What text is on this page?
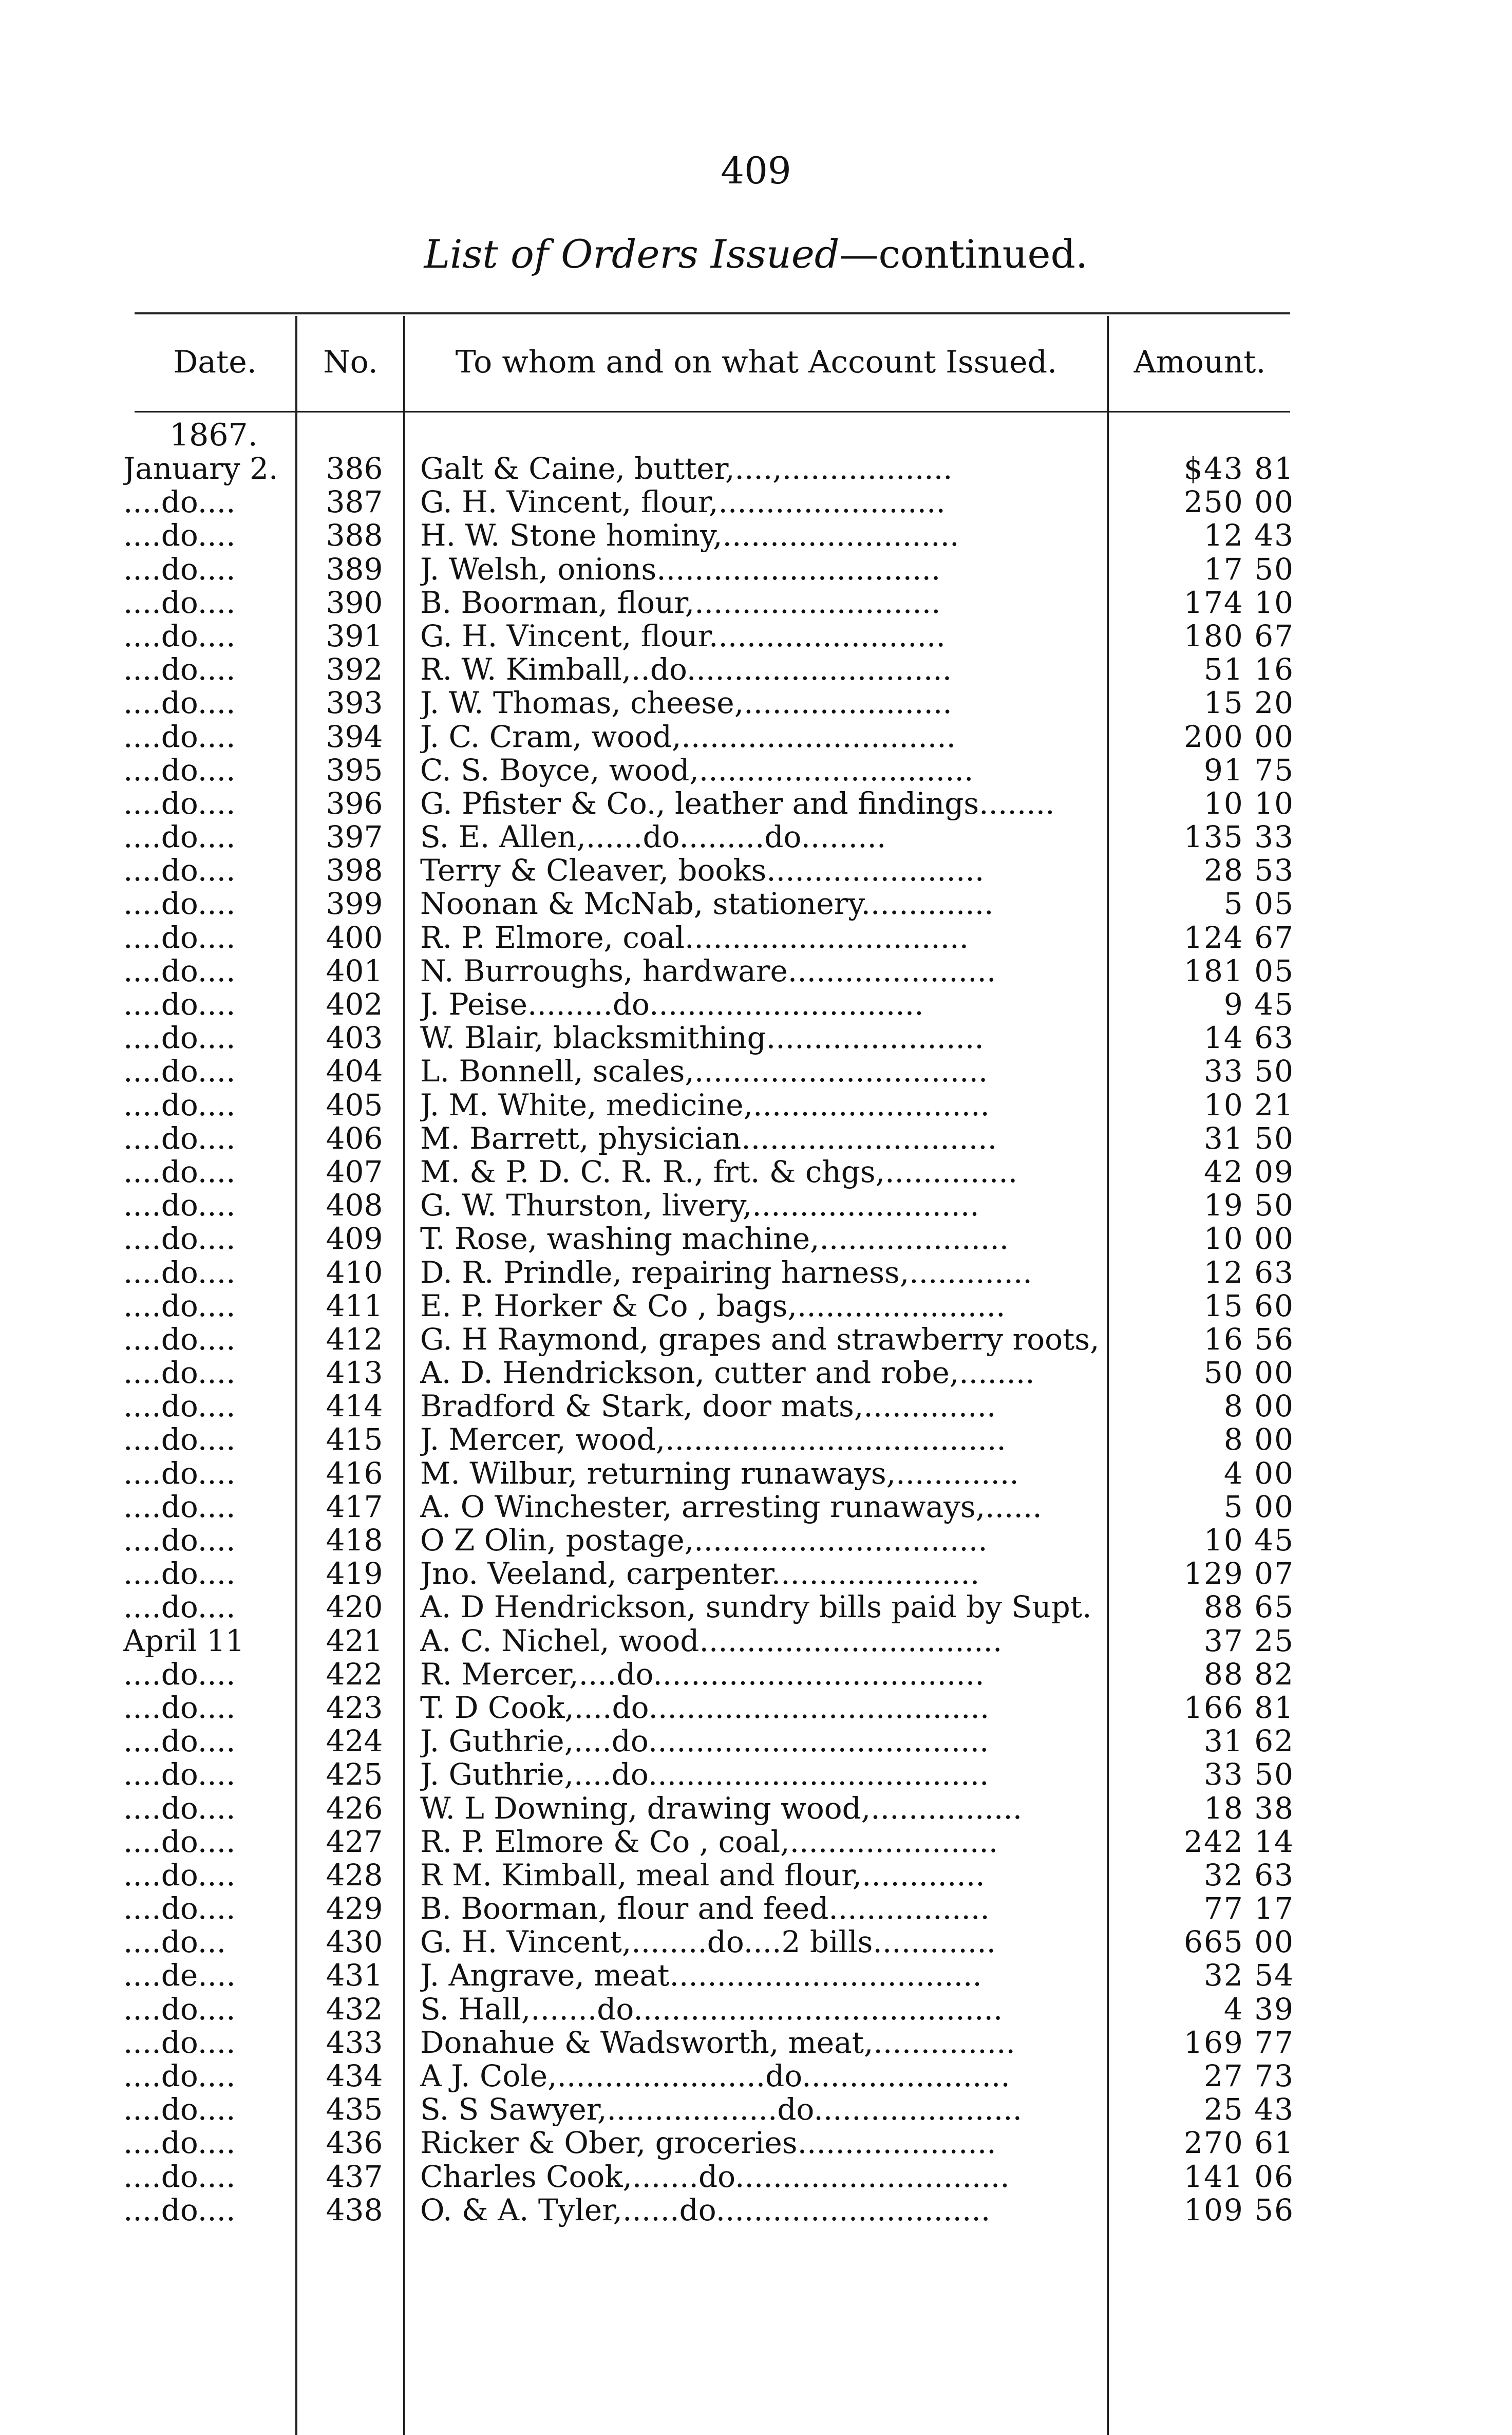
409
List of Orders Issued—continued.
Date.	No.	To whom and on what Account Issued.	Amount.
1867.
January 2.	386	Galt & Caine, butter,....,..................	$43 81
....do....	387	G. H. Vincent, flour,........................	250 00
....do....	388	H. W. Stone hominy,.........................	12 43
....do....	389	J. Welsh, onions..............................	17 50
....do....	390	B. Boorman, flour,..........................	174 10
....do....	391	G. H. Vincent, flour.........................	180 67
....do....	392	R. W. Kimball,..do............................	51 16
....do....	393	J. W. Thomas, cheese,......................	15 20
....do....	394	J. C. Cram, wood,.............................	200 00
....do....	395	C. S. Boyce, wood,.............................	91 75
....do....	396	G. Pfister & Co., leather and findings........	10 10
....do....	397	S. E. Allen,......do.........do.........	135 33
....do....	398	Terry & Cleaver, books.......................	28 53
....do....	399	Noonan & McNab, stationery..............	5 05
....do....	400	R. P. Elmore, coal..............................	124 67
....do....	401	N. Burroughs, hardware......................	181 05
....do....	402	J. Peise.........do.............................	9 45
....do....	403	W. Blair, blacksmithing.......................	14 63
....do....	404	L. Bonnell, scales,...............................	33 50
....do....	405	J. M. White, medicine,.........................	10 21
....do....	406	M. Barrett, physician...........................	31 50
....do....	407	M. & P. D. C. R. R., frt. & chgs,..............	42 09
....do....	408	G. W. Thurston, livery,........................	19 50
....do....	409	T. Rose, washing machine,....................	10 00
....do....	410	D. R. Prindle, repairing harness,.............	12 63
....do....	411	E. P. Horker & Co , bags,......................	15 60
....do....	412	G. H Raymond, grapes and strawberry roots,	16 56
....do....	413	A. D. Hendrickson, cutter and robe,........	50 00
....do....	414	Bradford & Stark, door mats,..............	8 00
....do....	415	J. Mercer, wood,....................................	8 00
....do....	416	M. Wilbur, returning runaways,.............	4 00
....do....	417	A. O Winchester, arresting runaways,......	5 00
....do....	418	O Z Olin, postage,...............................	10 45
....do....	419	Jno. Veeland, carpenter......................	129 07
....do....	420	A. D Hendrickson, sundry bills paid by Supt.	88 65
April 11	421	A. C. Nichel, wood................................	37 25
....do....	422	R. Mercer,....do...................................	88 82
....do....	423	T. D Cook,....do....................................	166 81
....do....	424	J. Guthrie,....do....................................	31 62
....do....	425	J. Guthrie,....do....................................	33 50
....do....	426	W. L Downing, drawing wood,................	18 38
....do....	427	R. P. Elmore & Co , coal,......................	242 14
....do....	428	R M. Kimball, meal and flour,.............	32 63
....do....	429	B. Boorman, flour and feed.................	77 17
....do...	430	G. H. Vincent,........do....2 bills.............	665 00
....de....	431	J. Angrave, meat.................................	32 54
....do....	432	S. Hall,.......do.......................................	4 39
....do....	433	Donahue & Wadsworth, meat,...............	169 77
....do....	434	A J. Cole,......................do......................	27 73
....do....	435	S. S Sawyer,..................do......................	25 43
....do....	436	Ricker & Ober, groceries.....................	270 61
....do....	437	Charles Cook,.......do.............................	141 06
....do....	438	O. & A. Tyler,......do.............................	109 56
